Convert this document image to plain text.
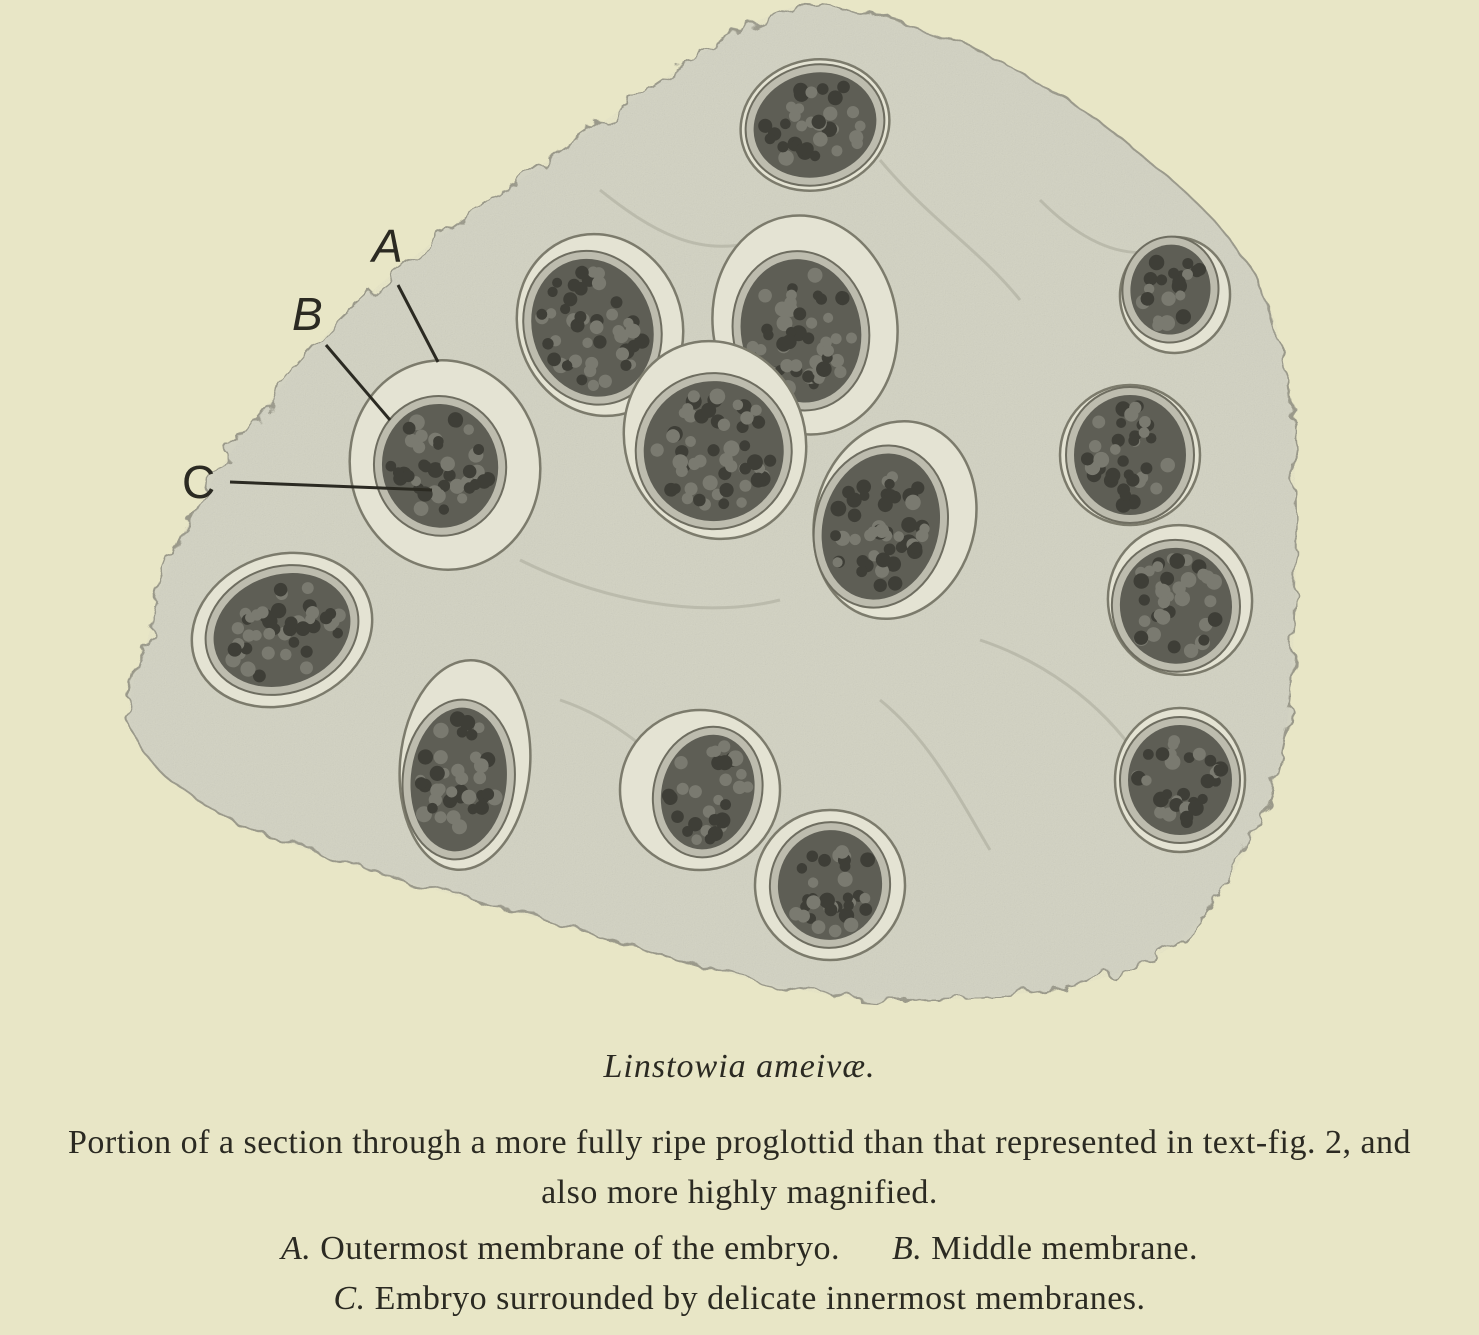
A
B
C
Linstowia ameivæ.
Portion of a section through a more fully ripe proglottid than that represented in text-fig. 2, and also more highly magnified.
A. Outermost membrane of the embryo. B. Middle membrane.
C. Embryo surrounded by delicate innermost membranes.
